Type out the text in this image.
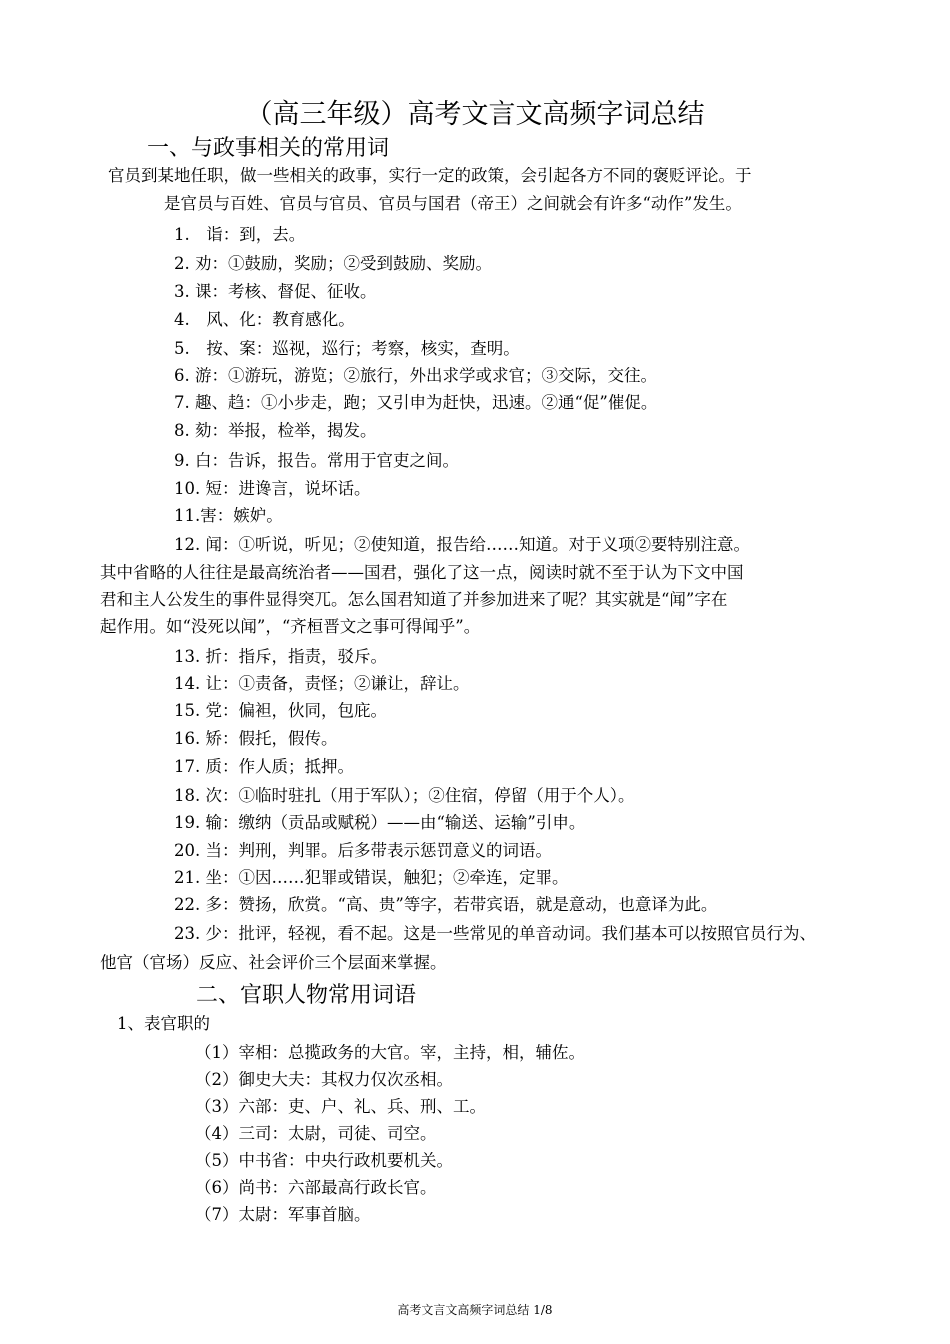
（高三年级）高考文言文高频字词总结
一、与政事相关的常用词
官员到某地任职，做一些相关的政事，实行一定的政策，会引起各方不同的褒贬评论。于
是官员与百姓、官员与官员、官员与国君（帝王）之间就会有许多“动作”发生。
1.　诣：到，去。
2. 劝：①鼓励，奖励；②受到鼓励、奖励。
3. 课：考核、督促、征收。
4.　风、化：教育感化。
5.　按、案：巡视，巡行；考察，核实，查明。
6. 游：①游玩，游览；②旅行，外出求学或求官；③交际，交往。
7. 趣、趋：①小步走，跑；又引申为赶快，迅速。②通“促”催促。
8. 劾：举报，检举，揭发。
9. 白：告诉，报告。常用于官吏之间。
10. 短：进谗言，说坏话。
11.害：嫉妒。
12. 闻：①听说，听见；②使知道，报告给……知道。对于义项②要特别注意。
其中省略的人往往是最高统治者——国君，强化了这一点，阅读时就不至于认为下文中国
君和主人公发生的事件显得突兀。怎么国君知道了并参加进来了呢？其实就是“闻”字在
起作用。如“没死以闻”，“齐桓晋文之事可得闻乎”。
13. 折：指斥，指责，驳斥。
14. 让：①责备，责怪；②谦让，辞让。
15. 党：偏袒，伙同，包庇。
16. 矫：假托，假传。
17. 质：作人质；抵押。
18. 次：①临时驻扎（用于军队）；②住宿，停留（用于个人）。
19. 输：缴纳（贡品或赋税）——由“输送、运输”引申。
20. 当：判刑，判罪。后多带表示惩罚意义的词语。
21. 坐：①因……犯罪或错误，触犯；②牵连，定罪。
22. 多：赞扬，欣赏。“高、贵”等字，若带宾语，就是意动，也意译为此。
23. 少：批评，轻视，看不起。这是一些常见的单音动词。我们基本可以按照官员行为、
他官（官场）反应、社会评价三个层面来掌握。
二、官职人物常用词语
1、表官职的
（1）宰相：总揽政务的大官。宰，主持，相，辅佐。
（2）御史大夫：其权力仅次丞相。
（3）六部：吏、户、礼、兵、刑、工。
（4）三司：太尉，司徒、司空。
（5）中书省：中央行政机要机关。
（6）尚书：六部最高行政长官。
（7）太尉：军事首脑。
高考文言文高频字词总结 1/8
